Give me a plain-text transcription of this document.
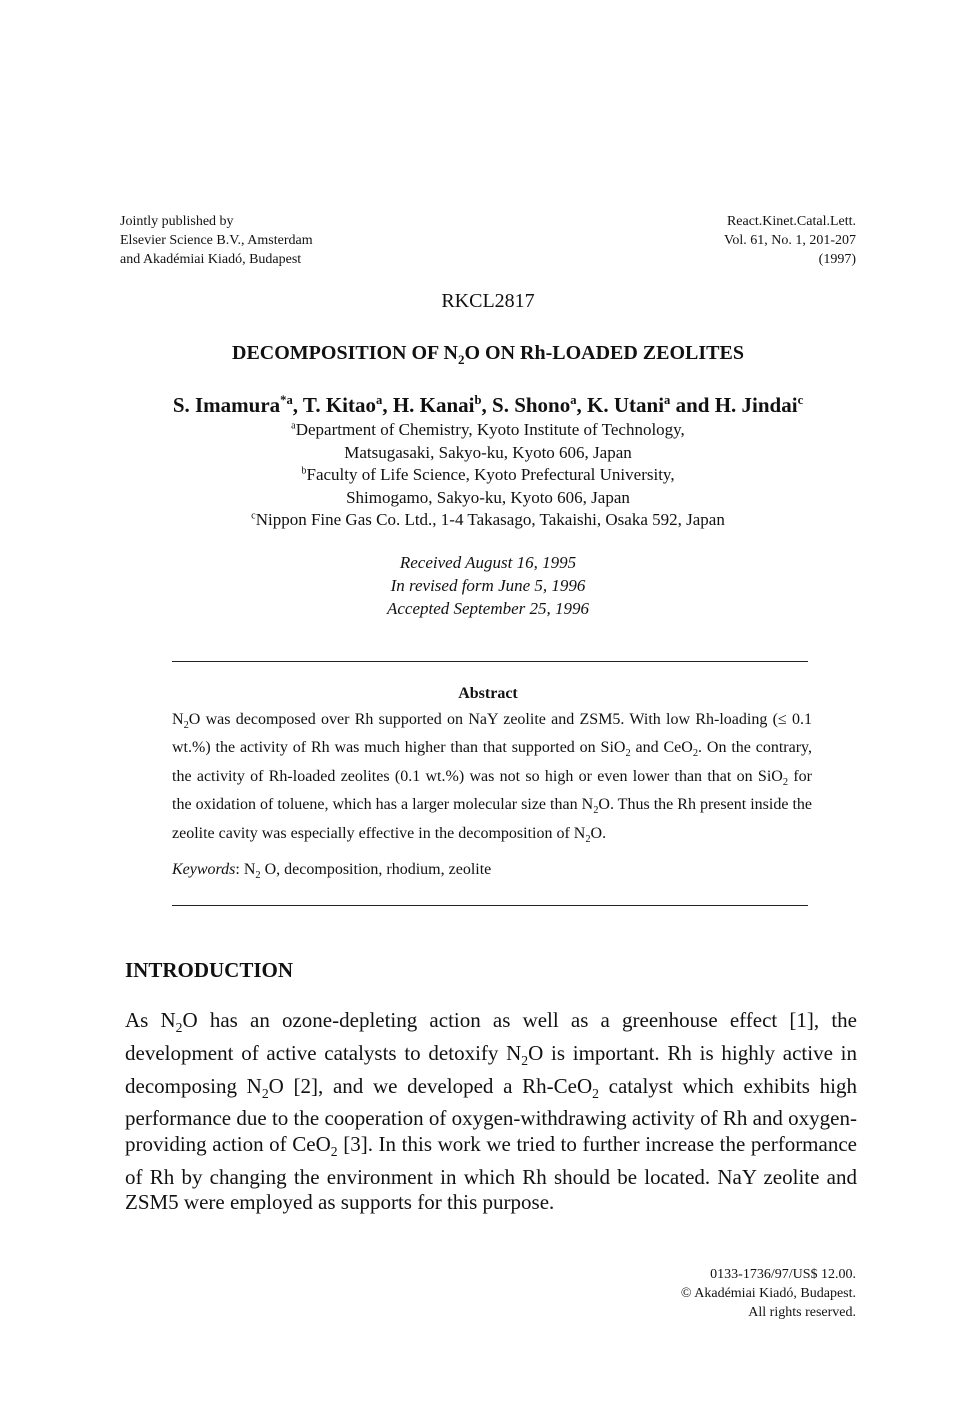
Jointly published by
Elsevier Science B.V., Amsterdam
and Akadémiai Kiadó, Budapest
React.Kinet.Catal.Lett.
Vol. 61, No. 1, 201-207
(1997)
RKCL2817
DECOMPOSITION OF $N_2O$ ON Rh-LOADED ZEOLITES
S. Imamura$^{*a}$, T. Kitao$^a$, H. Kanai$^b$, S. Shono$^a$, K. Utani$^a$ and H. Jindai$^c$
$^a$Department of Chemistry, Kyoto Institute of Technology,
Matsugasaki, Sakyo-ku, Kyoto 606, Japan
$^b$Faculty of Life Science, Kyoto Prefectural University,
Shimogamo, Sakyo-ku, Kyoto 606, Japan
$^c$Nippon Fine Gas Co. Ltd., 1-4 Takasago, Takaishi, Osaka 592, Japan
Received August 16, 1995
In revised form June 5, 1996
Accepted September 25, 1996
Abstract
$N_2O$ was decomposed over Rh supported on NaY zeolite and ZSM5. With low Rh-loading (≤ 0.1 wt.%) the activity of Rh was much higher than that supported on SiO$_2$ and CeO$_2$. On the contrary, the activity of Rh-loaded zeolites (0.1 wt.%) was not so high or even lower than that on SiO$_2$ for the oxidation of toluene, which has a larger molecular size than $N_2O$. Thus the Rh present inside the zeolite cavity was especially effective in the decomposition of $N_2O$.
Keywords: $N_2$ O, decomposition, rhodium, zeolite
INTRODUCTION
As $N_2O$ has an ozone-depleting action as well as a greenhouse effect [1], the development of active catalysts to detoxify $N_2O$ is important. Rh is highly active in decomposing $N_2O$ [2], and we developed a Rh-CeO$_2$ catalyst which exhibits high performance due to the cooperation of oxygen-withdrawing activity of Rh and oxygen-providing action of CeO$_2$ [3]. In this work we tried to further increase the performance of Rh by changing the environment in which Rh should be located. NaY zeolite and ZSM5 were employed as supports for this purpose.
0133-1736/97/US$ 12.00.
© Akadémiai Kiadó, Budapest.
All rights reserved.
